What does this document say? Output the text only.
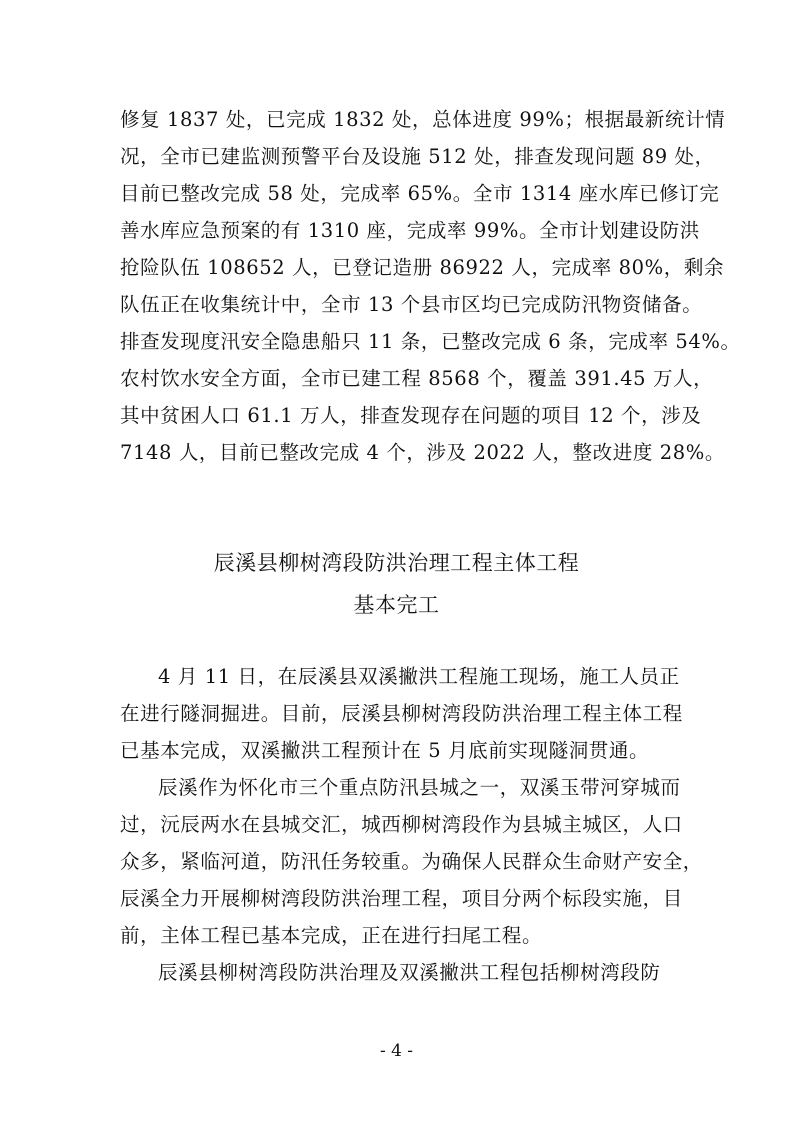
修复 1837 处，已完成 1832 处，总体进度 99%；根据最新统计情
况，全市已建监测预警平台及设施 512 处，排查发现问题 89 处，
目前已整改完成 58 处，完成率 65%。全市 1314 座水库已修订完
善水库应急预案的有 1310 座，完成率 99%。全市计划建设防洪
抢险队伍 108652 人，已登记造册 86922 人，完成率 80%，剩余
队伍正在收集统计中，全市 13 个县市区均已完成防汛物资储备。
排查发现度汛安全隐患船只 11 条，已整改完成 6 条，完成率 54%。
农村饮水安全方面，全市已建工程 8568 个，覆盖 391.45 万人，
其中贫困人口 61.1 万人，排查发现存在问题的项目 12 个，涉及
7148 人，目前已整改完成 4 个，涉及 2022 人，整改进度 28%。
辰溪县柳树湾段防洪治理工程主体工程
基本完工
4 月 11 日，在辰溪县双溪撇洪工程施工现场，施工人员正
在进行隧洞掘进。目前，辰溪县柳树湾段防洪治理工程主体工程
已基本完成，双溪撇洪工程预计在 5 月底前实现隧洞贯通。
辰溪作为怀化市三个重点防汛县城之一，双溪玉带河穿城而
过，沅辰两水在县城交汇，城西柳树湾段作为县城主城区，人口
众多，紧临河道，防汛任务较重。为确保人民群众生命财产安全，
辰溪全力开展柳树湾段防洪治理工程，项目分两个标段实施，目
前，主体工程已基本完成，正在进行扫尾工程。
辰溪县柳树湾段防洪治理及双溪撇洪工程包括柳树湾段防
- 4 -
